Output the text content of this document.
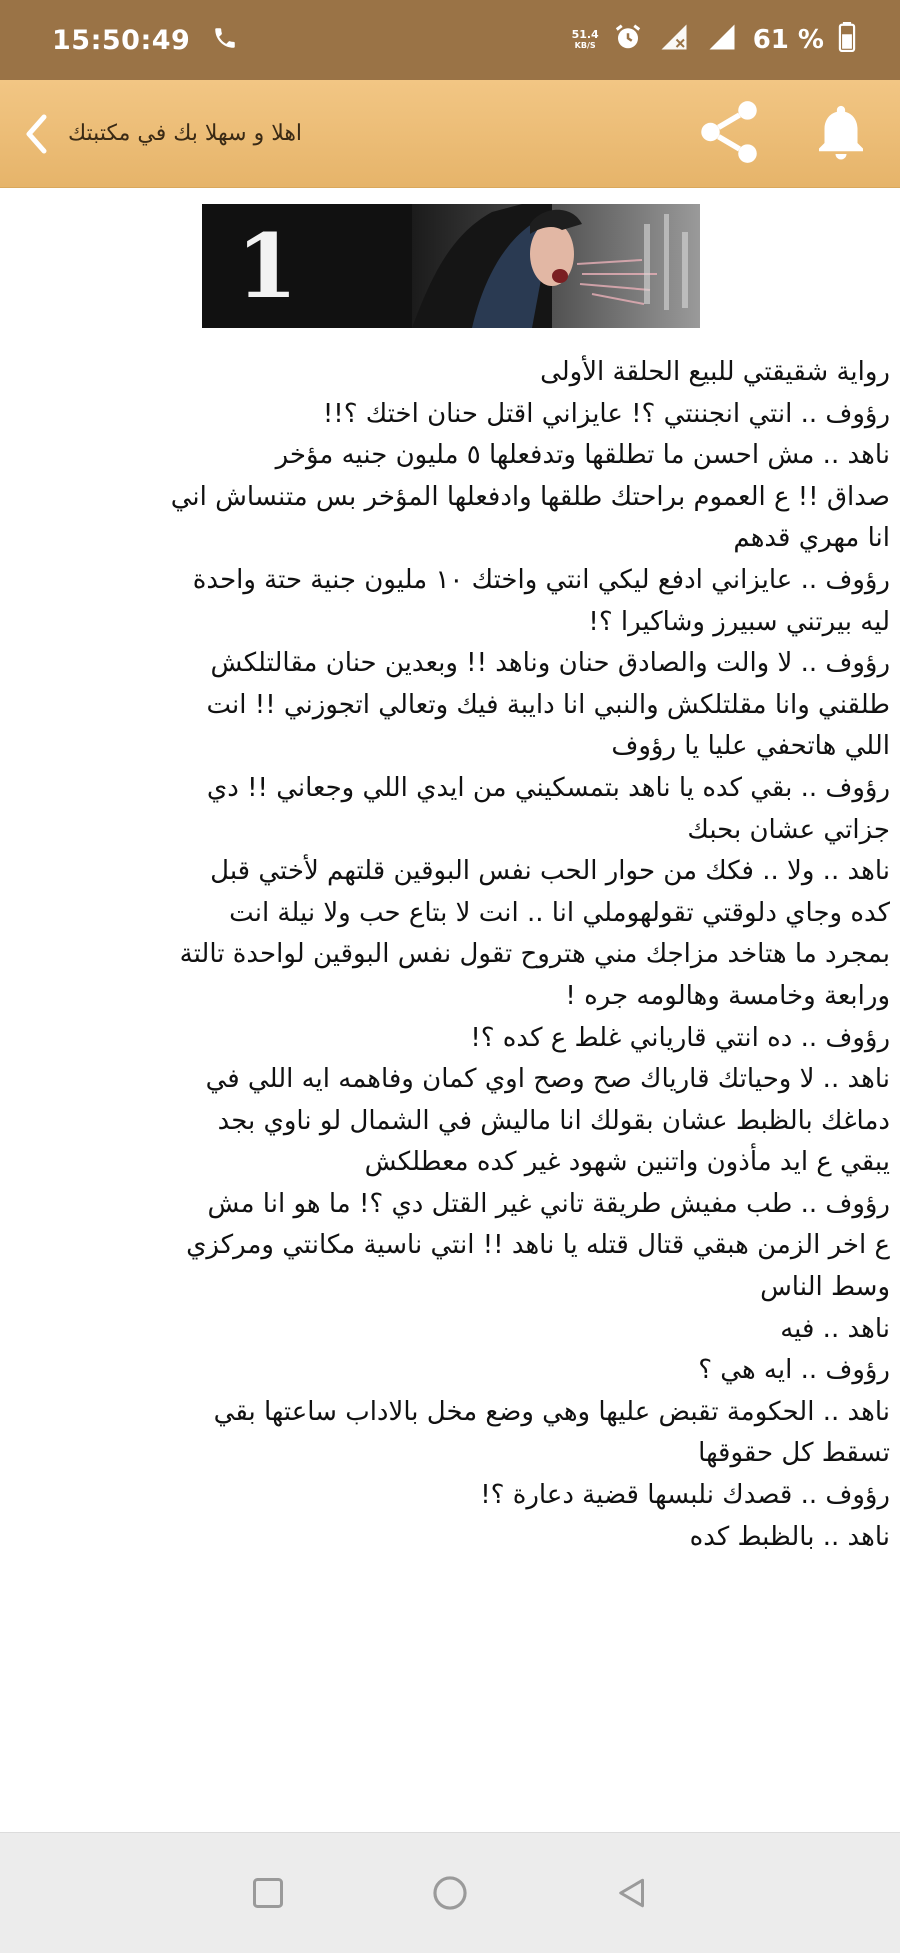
15:50:49	51.4
KB/S	61 %
اهلا و سهلا بك في مكتبتك
1

رواية شقيقتي للبيع الحلقة الأولى

رؤوف .. انتي انجننتي ؟! عايزاني اقتل حنان اختك ؟!!

ناهد .. مش احسن ما تطلقها وتدفعلها ٥ مليون جنيه مؤخر

صداق !! ع العموم براحتك طلقها وادفعلها المؤخر بس متنساش اني

انا مهري قدهم

رؤوف .. عايزاني ادفع ليكي انتي واختك ١٠ مليون جنية حتة واحدة

ليه بيرتني سبيرز وشاكيرا ؟!

رؤوف .. لا والت والصادق حنان وناهد !! وبعدين حنان مقالتلكش

طلقني وانا مقلتلكش والنبي انا دايبة فيك وتعالي اتجوزني !! انت

اللي هاتحفي عليا يا رؤوف

رؤوف .. بقي كده يا ناهد بتمسكيني من ايدي اللي وجعاني !! دي

جزاتي عشان بحبك

ناهد .. ولا .. فكك من حوار الحب نفس البوقين قلتهم لأختي قبل

كده وجاي دلوقتي تقولهوملي انا .. انت لا بتاع حب ولا نيلة انت

بمجرد ما هتاخد مزاجك مني هتروح تقول نفس البوقين لواحدة تالتة

ورابعة وخامسة وهالومه جره !

رؤوف .. ده انتي قارياني غلط ع كده ؟!

ناهد .. لا وحياتك قارياك صح وصح اوي كمان وفاهمه ايه اللي في

دماغك بالظبط عشان بقولك انا ماليش في الشمال لو ناوي بجد

يبقي ع ايد مأذون واتنين شهود غير كده معطلكش

رؤوف .. طب مفيش طريقة تاني غير القتل دي ؟! ما هو انا مش

ع اخر الزمن هبقي قتال قتله يا ناهد !! انتي ناسية مكانتي ومركزي

وسط الناس

ناهد .. فيه

رؤوف .. ايه هي ؟

ناهد .. الحكومة تقبض عليها وهي وضع مخل بالاداب ساعتها بقي

تسقط كل حقوقها

رؤوف .. قصدك نلبسها قضية دعارة ؟!

ناهد .. بالظبط كده
